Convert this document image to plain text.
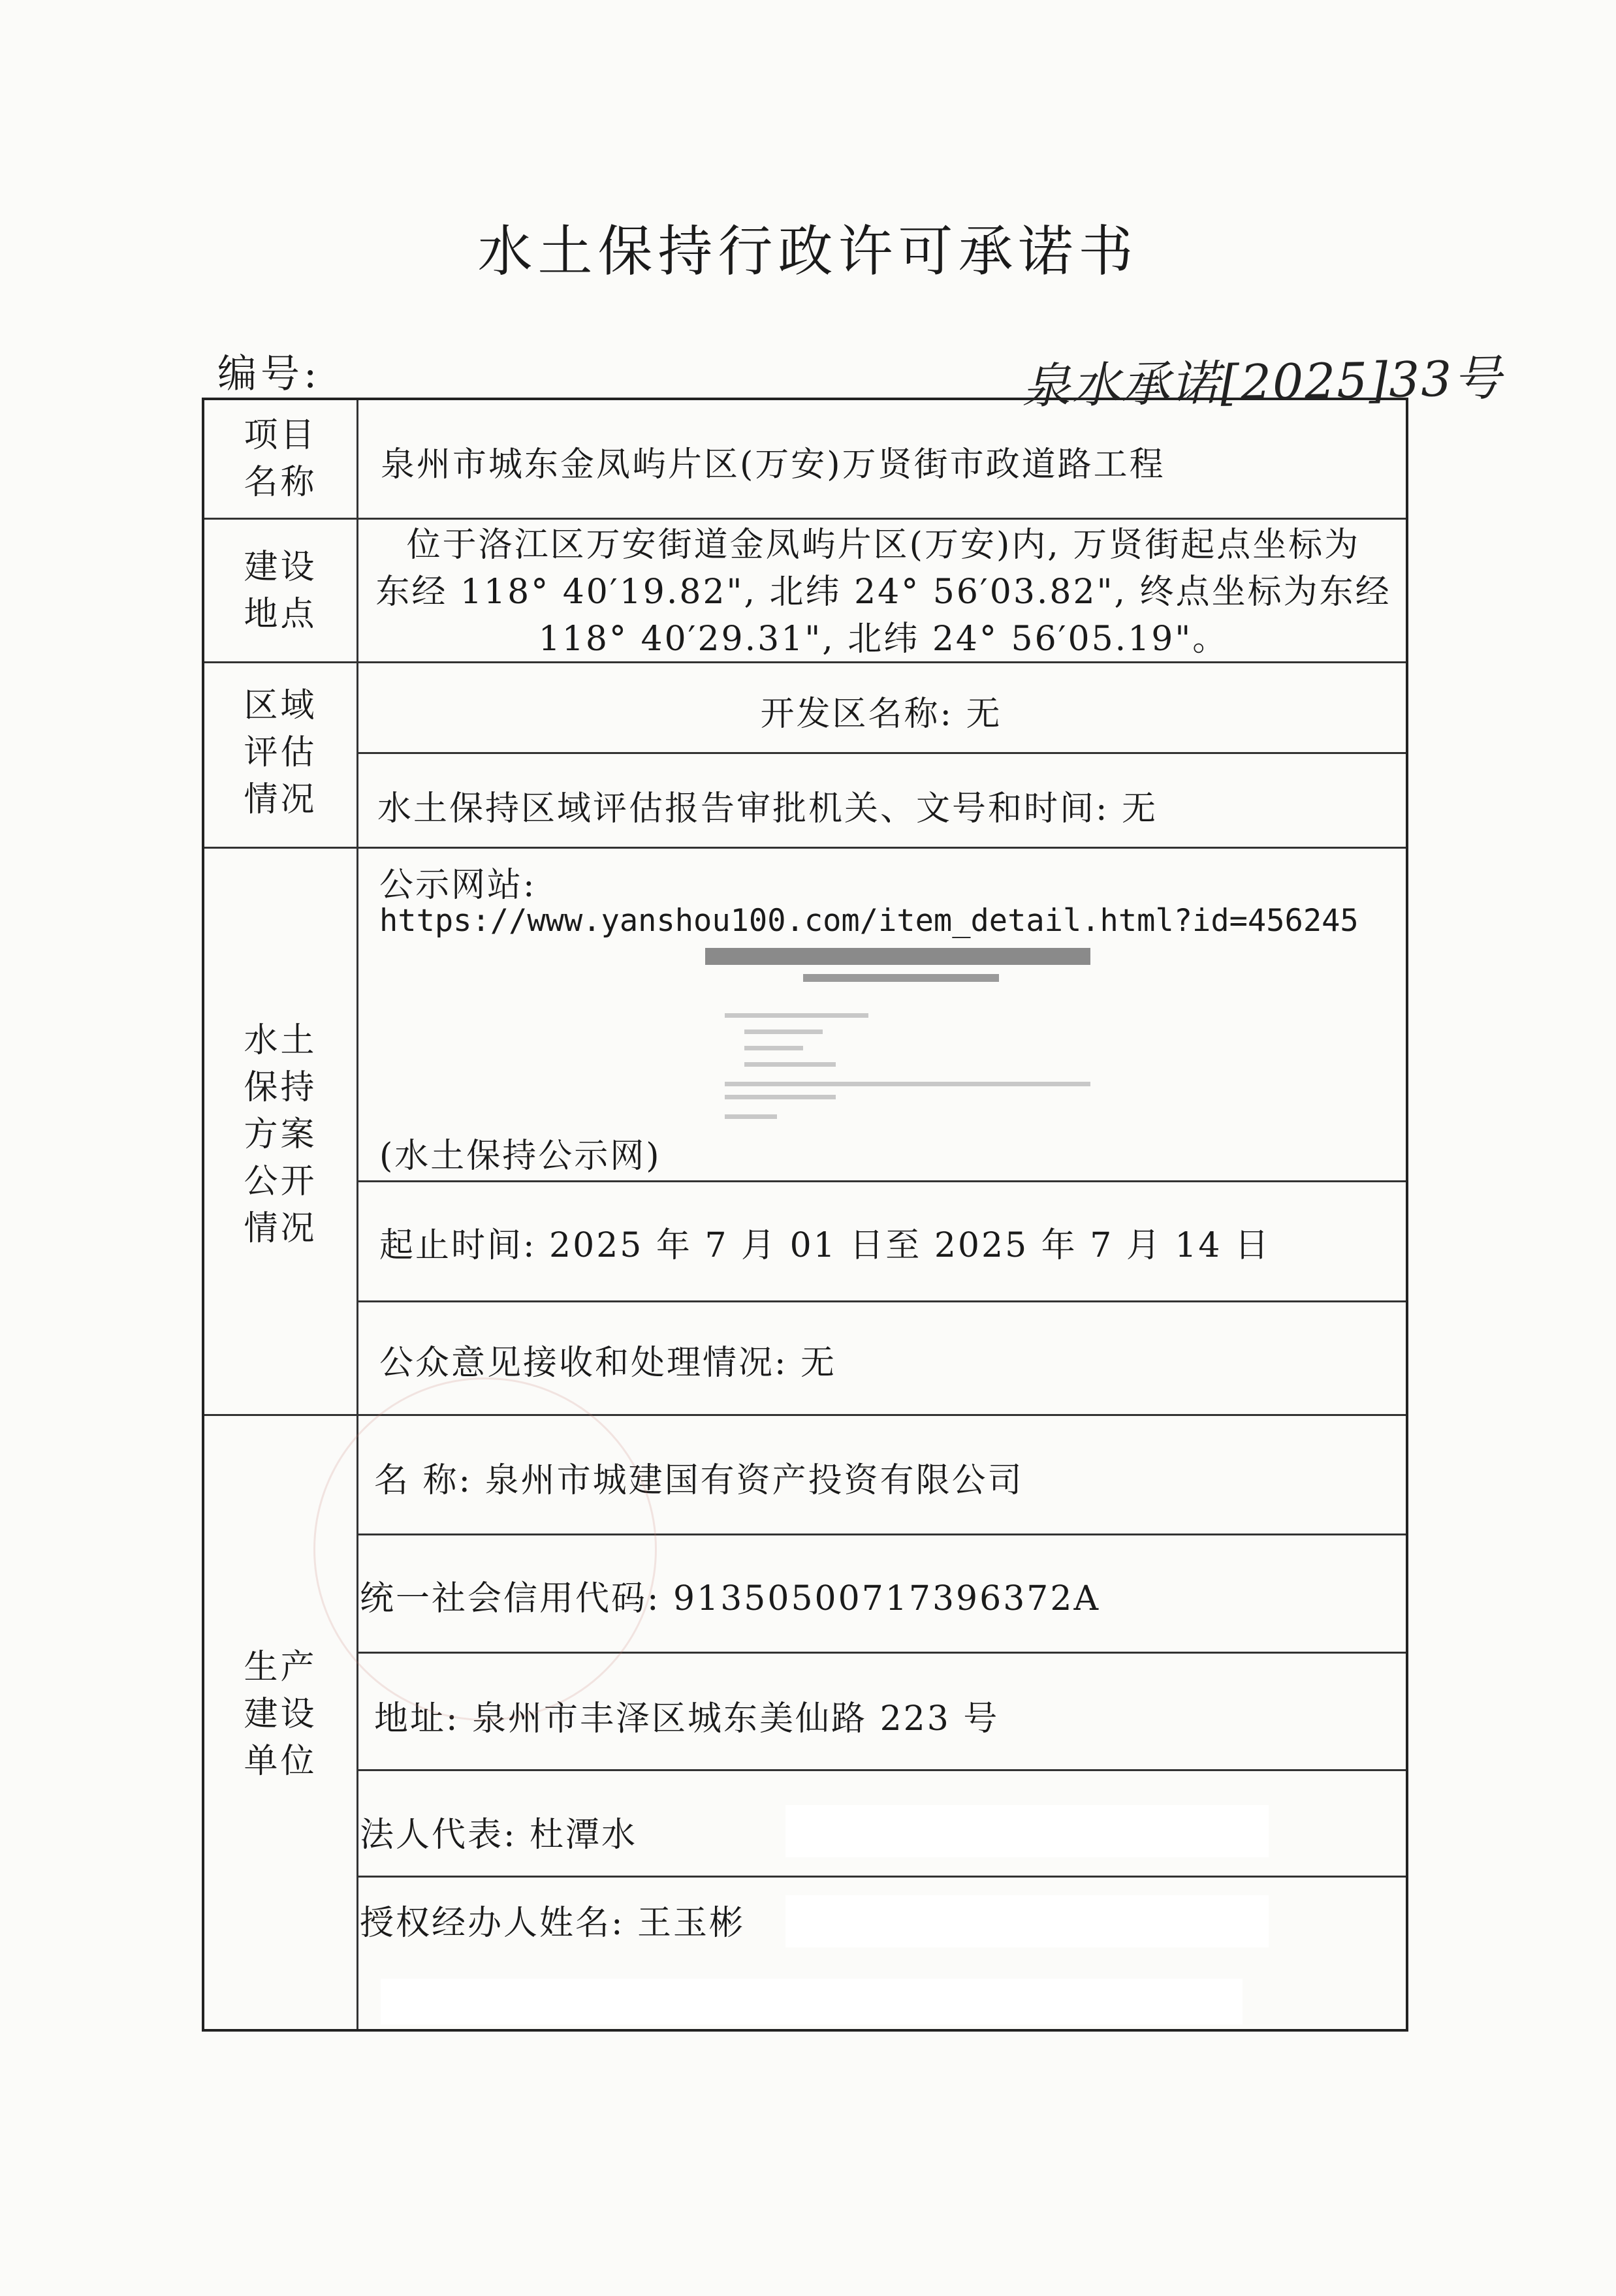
水土保持行政许可承诺书
编号:	泉水承诺[2025]33号
项目
名称	泉州市城东金凤屿片区(万安)万贤街市政道路工程
建设
地点
位于洛江区万安街道金凤屿片区(万安)内, 万贤街起点坐标为
东经 118° 40′19.82", 北纬 24° 56′03.82", 终点坐标为东经
118° 40′29.31", 北纬 24° 56′05.19"。
区域
评估
情况
开发区名称: 无
水土保持区域评估报告审批机关、文号和时间: 无
水土
保持
方案
公开
情况
公示网站:
https://www.yanshou100.com/item_detail.html?id=456245
(水土保持公示网)
起止时间: 2025 年 7 月 01 日至 2025 年 7 月 14 日
公众意见接收和处理情况: 无
生产
建设
单位
名 称: 泉州市城建国有资产投资有限公司
统一社会信用代码: 91350500717396372A
地址: 泉州市丰泽区城东美仙路 223 号
法人代表: 杜潭水
授权经办人姓名: 王玉彬
